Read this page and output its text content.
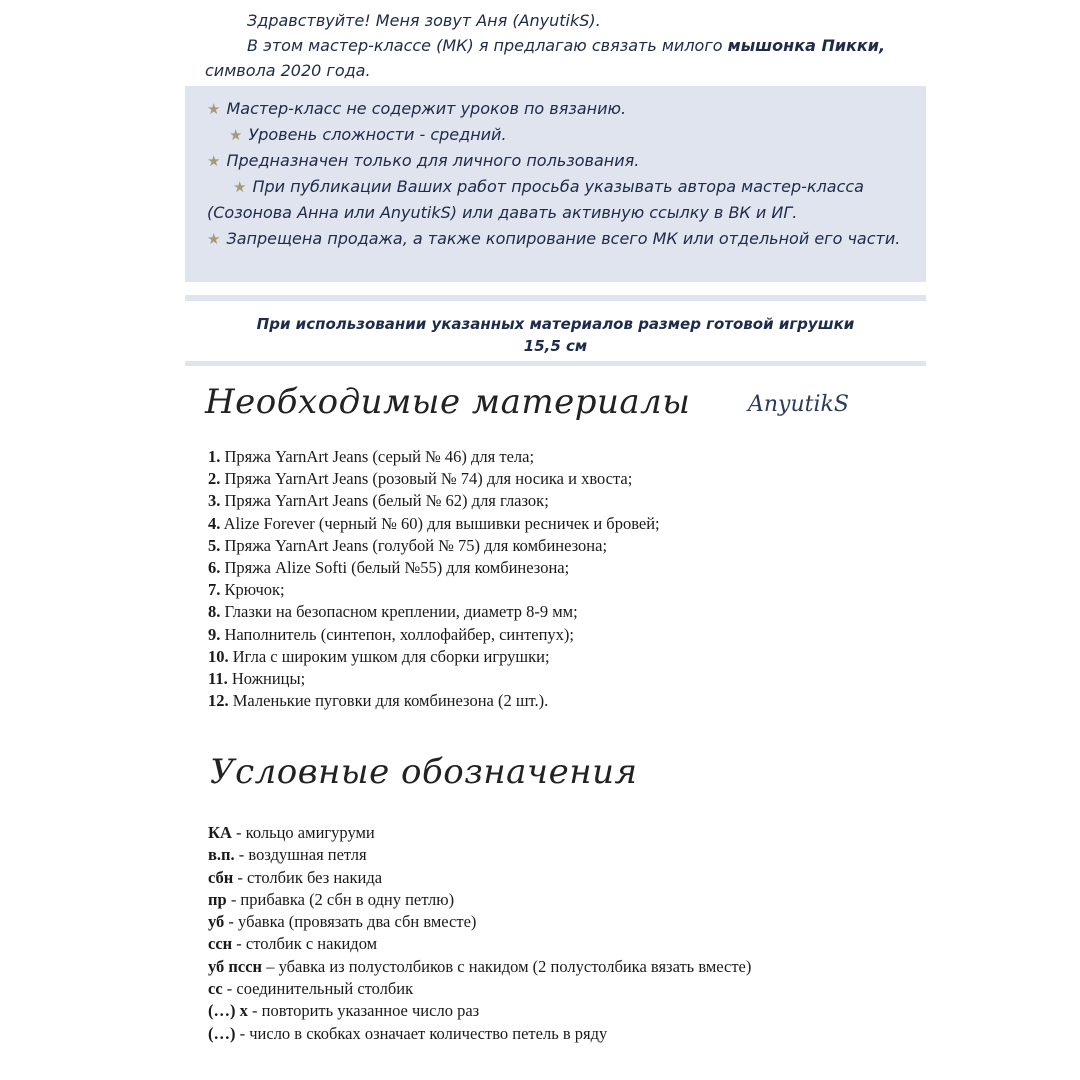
Здравствуйте! Меня зовут Аня (AnyutikS).

В этом мастер-классе (МК) я предлагаю связать милого мышонка Пикки,

символа 2020 года.

★ Мастер-класс не содержит уроков по вязанию.
★ Уровень сложности - средний.
★ Предназначен только для личного пользования.
★ При публикации Ваших работ просьба указывать автора мастер-класса
(Созонова Анна или AnyutikS) или давать активную ссылку в ВК и ИГ.
★ Запрещена продажа, а также копирование всего МК или отдельной его части.
При использовании указанных материалов размер готовой игрушки
15,5 см
Необходимые материалы	AnyutikS
1. Пряжа YarnArt Jeans (серый № 46) для тела;
2. Пряжа YarnArt Jeans (розовый № 74) для носика и хвоста;
3. Пряжа YarnArt Jeans (белый № 62) для глазок;
4. Alize Forever (черный № 60) для вышивки ресничек и бровей;
5. Пряжа YarnArt Jeans (голубой № 75) для комбинезона;
6. Пряжа Alize Softi (белый №55) для комбинезона;
7. Крючок;
8. Глазки на безопасном креплении, диаметр 8-9 мм;
9. Наполнитель (синтепон, холлофайбер, синтепух);
10. Игла с широким ушком для сборки игрушки;
11. Ножницы;
12. Маленькие пуговки для комбинезона (2 шт.).
Условные обозначения
КА - кольцо амигуруми
в.п. - воздушная петля
сбн - столбик без накида
пр - прибавка (2 сбн в одну петлю)
уб - убавка (провязать два сбн вместе)
ссн - столбик с накидом
уб пссн – убавка из полустолбиков с накидом (2 полустолбика вязать вместе)
сс - соединительный столбик
(…) х - повторить указанное число раз
(…) - число в скобках означает количество петель в ряду
